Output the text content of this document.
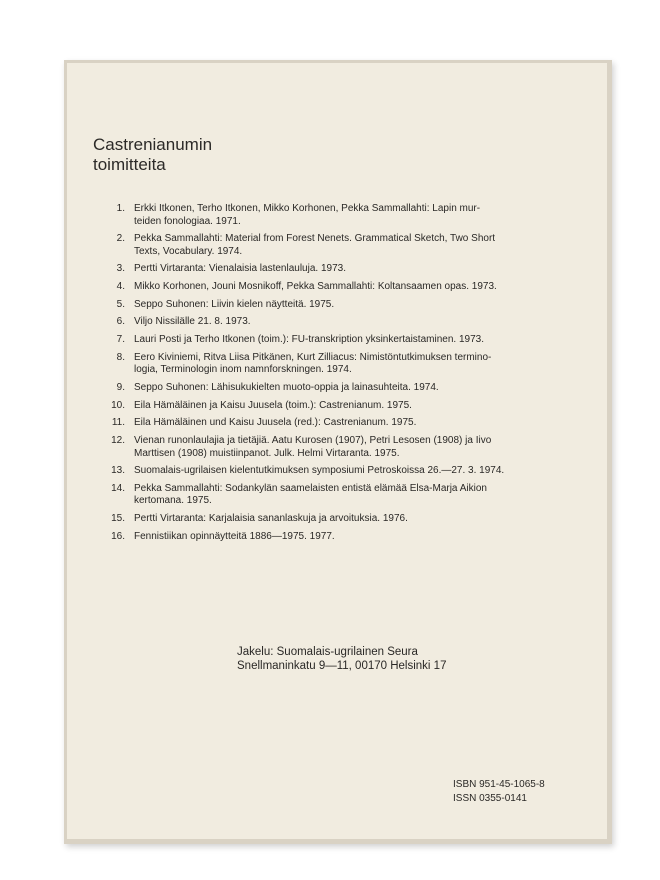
Castrenianumin
toimitteita
1. Erkki Itkonen, Terho Itkonen, Mikko Korhonen, Pekka Sammallahti: Lapin mur-
teiden fonologiaa. 1971.
2. Pekka Sammallahti: Material from Forest Nenets. Grammatical Sketch, Two Short
Texts, Vocabulary. 1974.
3. Pertti Virtaranta: Vienalaisia lastenlauluja. 1973.
4. Mikko Korhonen, Jouni Mosnikoff, Pekka Sammallahti: Koltansaamen opas. 1973.
5. Seppo Suhonen: Liivin kielen näytteitä. 1975.
6. Viljo Nissilälle 21. 8. 1973.
7. Lauri Posti ja Terho Itkonen (toim.): FU-transkription yksinkertaistaminen. 1973.
8. Eero Kiviniemi, Ritva Liisa Pitkänen, Kurt Zilliacus: Nimistöntutkimuksen termino-
logia, Terminologin inom namnforskningen. 1974.
9. Seppo Suhonen: Lähisukukielten muoto-oppia ja lainasuhteita. 1974.
10. Eila Hämäläinen ja Kaisu Juusela (toim.): Castrenianum. 1975.
11. Eila Hämäläinen und Kaisu Juusela (red.): Castrenianum. 1975.
12. Vienan runonlaulajia ja tietäjiä. Aatu Kurosen (1907), Petri Lesosen (1908) ja Iivo
Marttisen (1908) muistiinpanot. Julk. Helmi Virtaranta. 1975.
13. Suomalais-ugrilaisen kielentutkimuksen symposiumi Petroskoissa 26.—27. 3. 1974.
14. Pekka Sammallahti: Sodankylän saamelaisten entistä elämää Elsa-Marja Aikion
kertomana. 1975.
15. Pertti Virtaranta: Karjalaisia sananlaskuja ja arvoituksia. 1976.
16. Fennistiikan opinnäytteitä 1886—1975. 1977.
Jakelu: Suomalais-ugrilainen Seura
Snellmaninkatu 9—11, 00170 Helsinki 17
ISBN 951-45-1065-8
ISSN 0355-0141
